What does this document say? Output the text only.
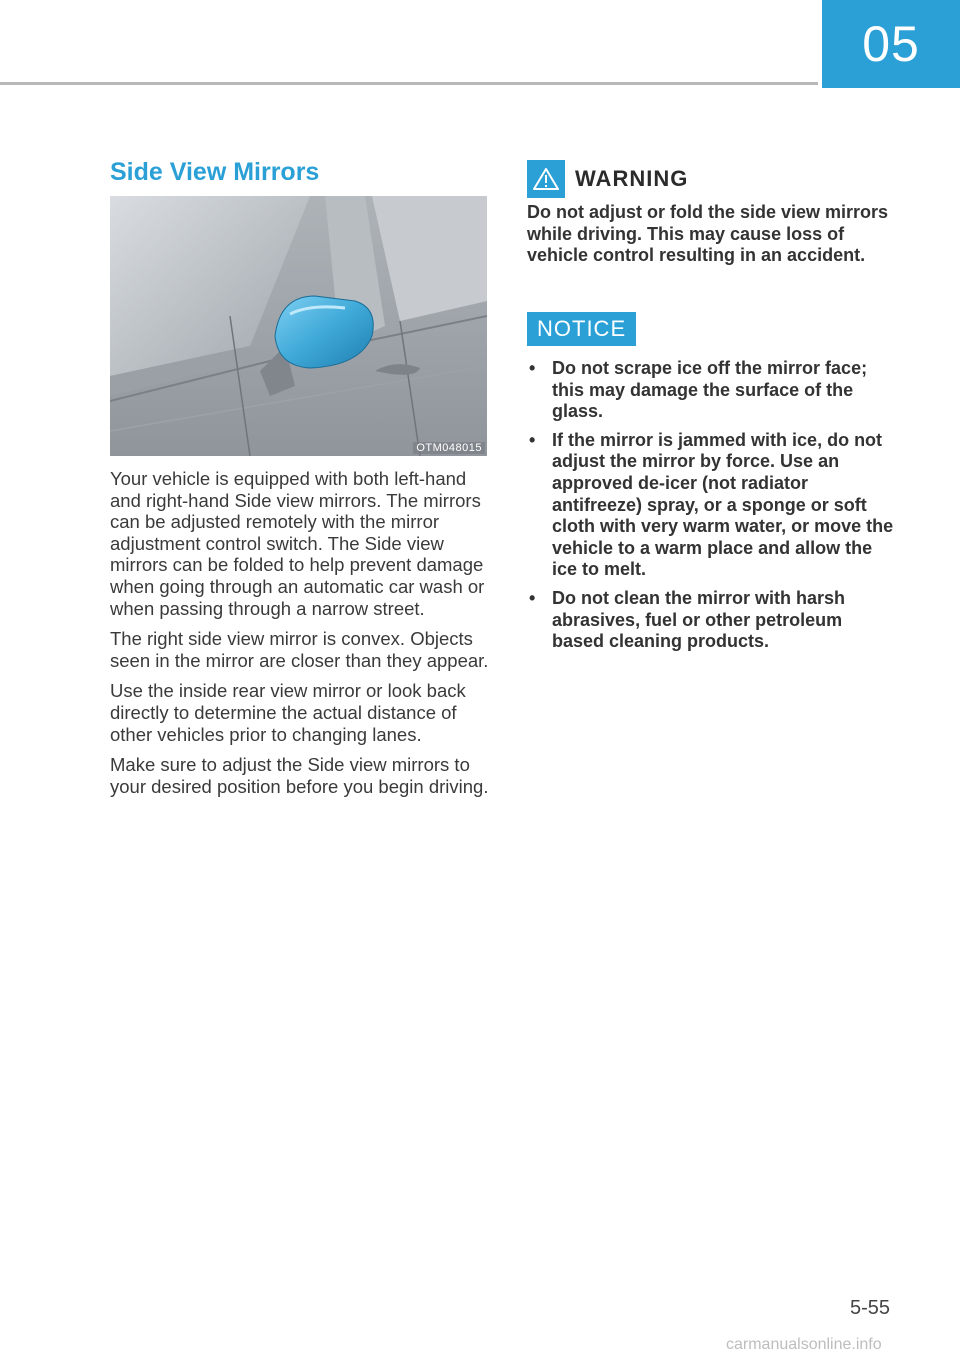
05
Side View Mirrors
OTM048015

Your vehicle is equipped with both left-hand and right-hand Side view mirrors. The mirrors can be adjusted remotely with the mirror adjustment control switch. The Side view mirrors can be folded to help prevent damage when going through an automatic car wash or when passing through a narrow street.

The right side view mirror is convex. Objects seen in the mirror are closer than they appear.

Use the inside rear view mirror or look back directly to determine the actual distance of other vehicles prior to changing lanes.

Make sure to adjust the Side view mirrors to your desired position before you begin driving.

WARNING

Do not adjust or fold the side view mirrors while driving. This may cause loss of vehicle control resulting in an accident.

NOTICE
• Do not scrape ice off the mirror face; this may damage the surface of the glass.
• If the mirror is jammed with ice, do not adjust the mirror by force. Use an approved de-icer (not radiator antifreeze) spray, or a sponge or soft cloth with very warm water, or move the vehicle to a warm place and allow the ice to melt.
• Do not clean the mirror with harsh abrasives, fuel or other petroleum based cleaning products.
5-55
carmanualsonline.info
